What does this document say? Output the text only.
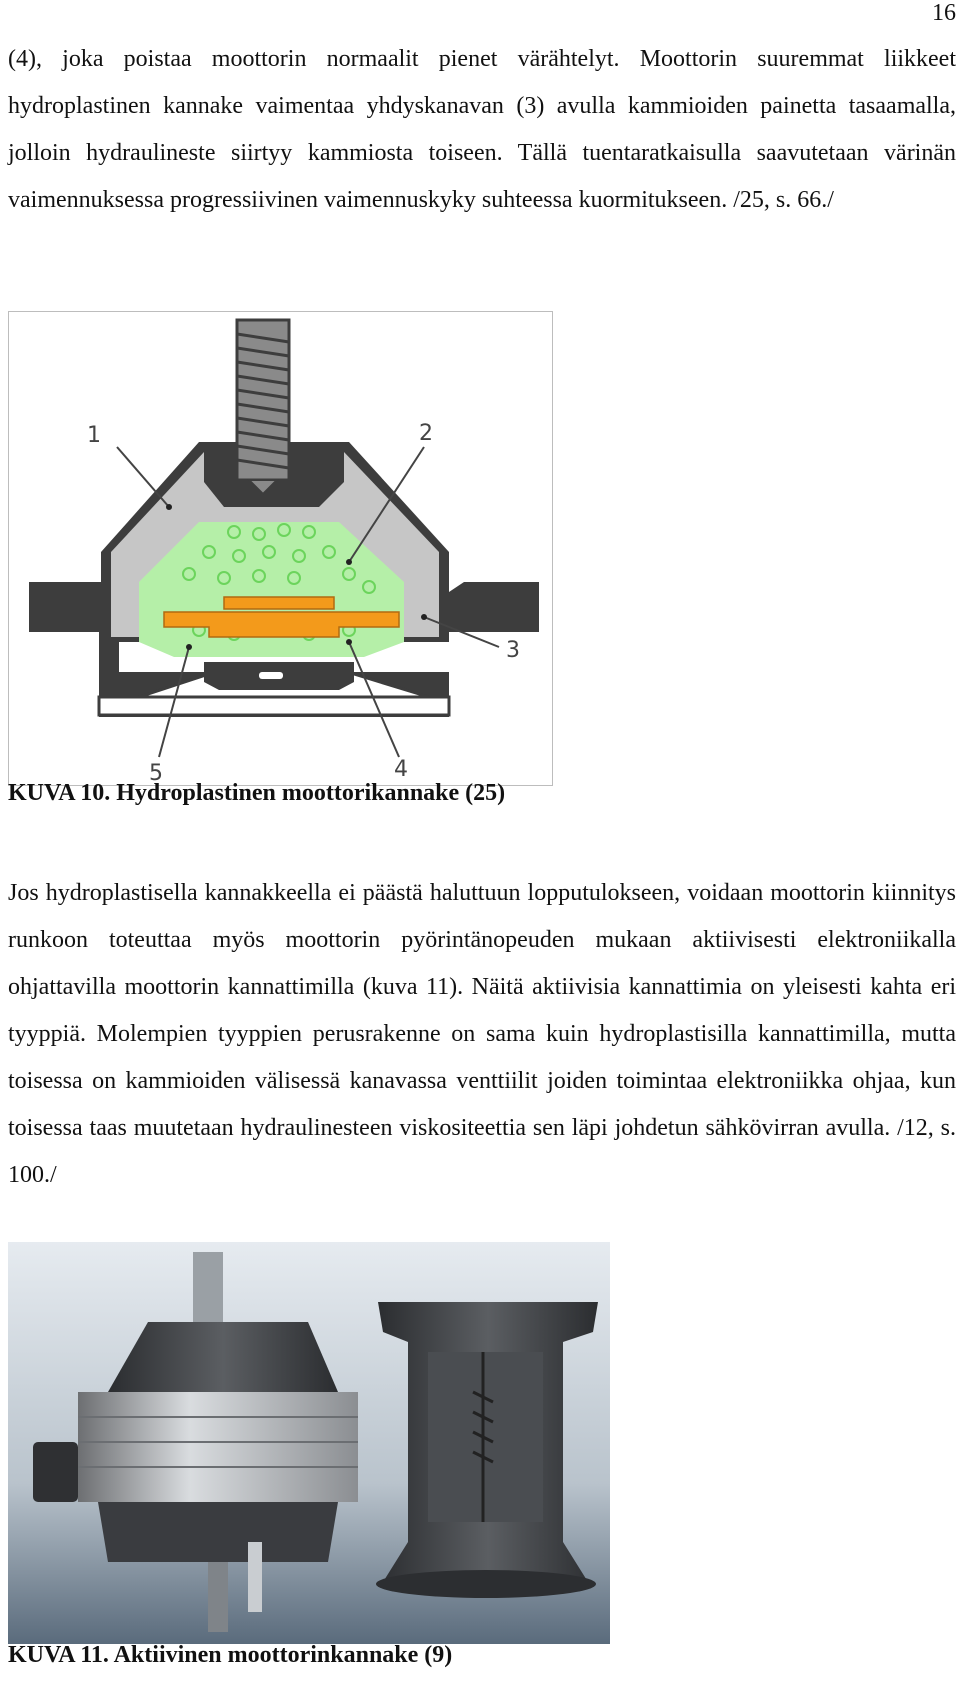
16

(4), joka poistaa moottorin normaalit pienet värähtelyt. Moottorin suuremmat liikkeet hydroplastinen kannake vaimentaa yhdyskanavan (3) avulla kammioiden painetta tasaamalla, jolloin hydraulineste siirtyy kammiosta toiseen. Tällä tuentaratkaisulla saavutetaan värinän vaimennuksessa progressiivinen vaimennuskyky suhteessa kuormitukseen. /25, s. 66./

1	2
3
4
5

KUVA 10. Hydroplastinen moottorikannake (25)

Jos hydroplastisella kannakkeella ei päästä haluttuun lopputulokseen, voidaan moottorin kiinnitys runkoon toteuttaa myös moottorin pyörintänopeuden mukaan aktiivisesti elektroniikalla ohjattavilla moottorin kannattimilla (kuva 11). Näitä aktiivisia kannattimia on yleisesti kahta eri tyyppiä. Molempien tyyppien perusrakenne on sama kuin hydroplastisilla kannattimilla, mutta toisessa on kammioiden välisessä kanavassa venttiilit joiden toimintaa elektroniikka ohjaa, kun toisessa taas muutetaan hydraulinesteen viskositeettia sen läpi johdetun sähkövirran avulla. /12, s. 100./

KUVA 11. Aktiivinen moottorinkannake (9)
